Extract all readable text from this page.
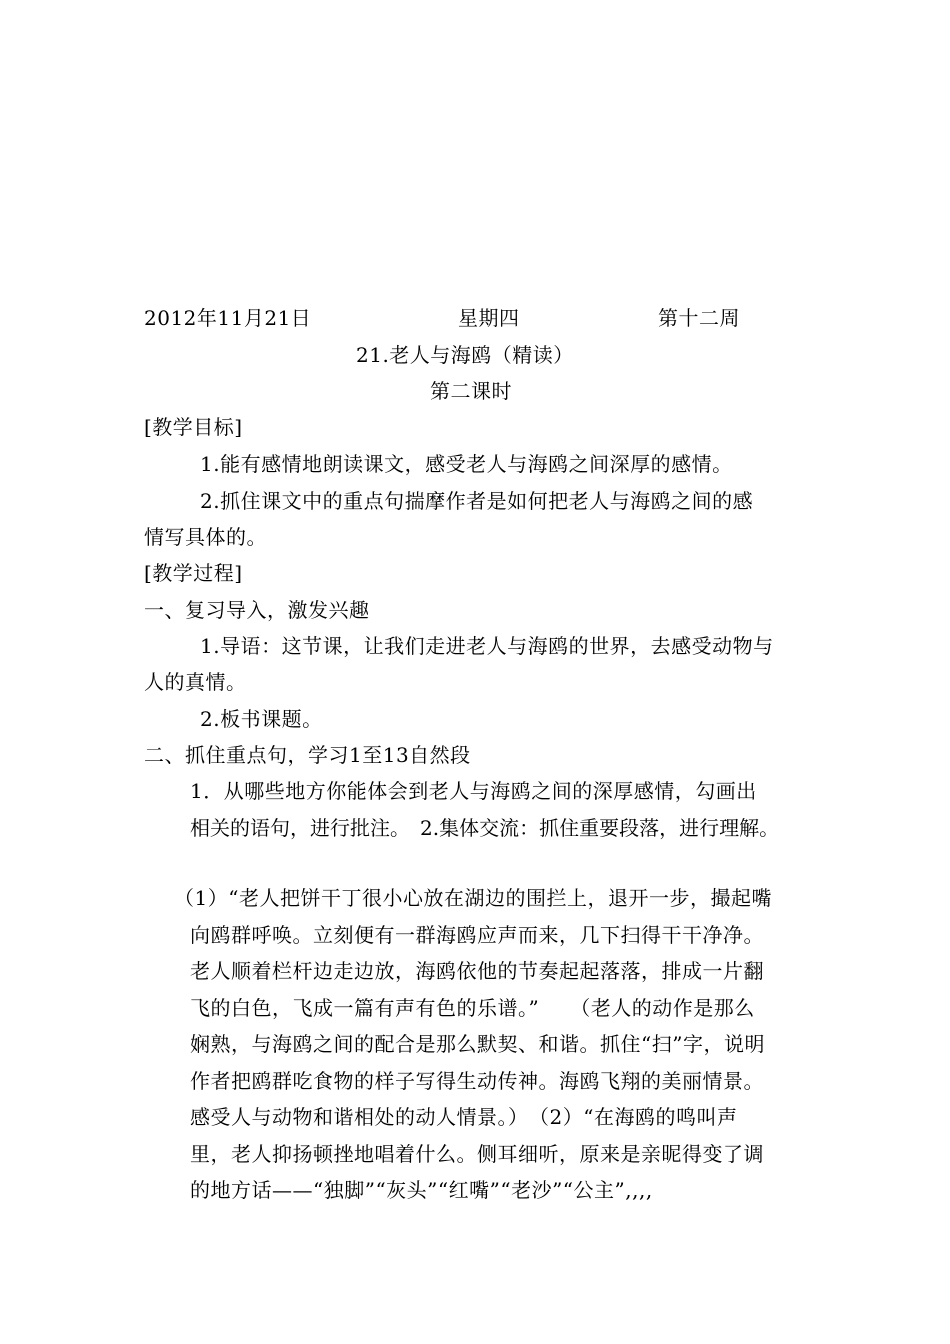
2012年11月21日	星期四	第十二周
21.老人与海鸥（精读）
第二课时
[教学目标]
1.能有感情地朗读课文，感受老人与海鸥之间深厚的感情。
2.抓住课文中的重点句揣摩作者是如何把老人与海鸥之间的感
情写具体的。
[教学过程]
一、复习导入，激发兴趣
1.导语：这节课，让我们走进老人与海鸥的世界，去感受动物与
人的真情。
2.板书课题。
二、抓住重点句，学习1至13自然段
1．从哪些地方你能体会到老人与海鸥之间的深厚感情，勾画出
相关的语句，进行批注。　2.集体交流：抓住重要段落，进行理解。
（1）“老人把饼干丁很小心放在湖边的围拦上，退开一步，撮起嘴
向鸥群呼唤。立刻便有一群海鸥应声而来，几下扫得干干净净。
老人顺着栏杆边走边放，海鸥依他的节奏起起落落，排成一片翻
飞的白色，飞成一篇有声有色的乐谱。”　　（老人的动作是那么
娴熟，与海鸥之间的配合是那么默契、和谐。抓住“扫”字，说明
作者把鸥群吃食物的样子写得生动传神。海鸥飞翔的美丽情景。
感受人与动物和谐相处的动人情景。）　（2）“在海鸥的鸣叫声
里，老人抑扬顿挫地唱着什么。侧耳细听，原来是亲昵得变了调
的地方话——“独脚”“灰头”“红嘴”“老沙”“公主”,,,,
